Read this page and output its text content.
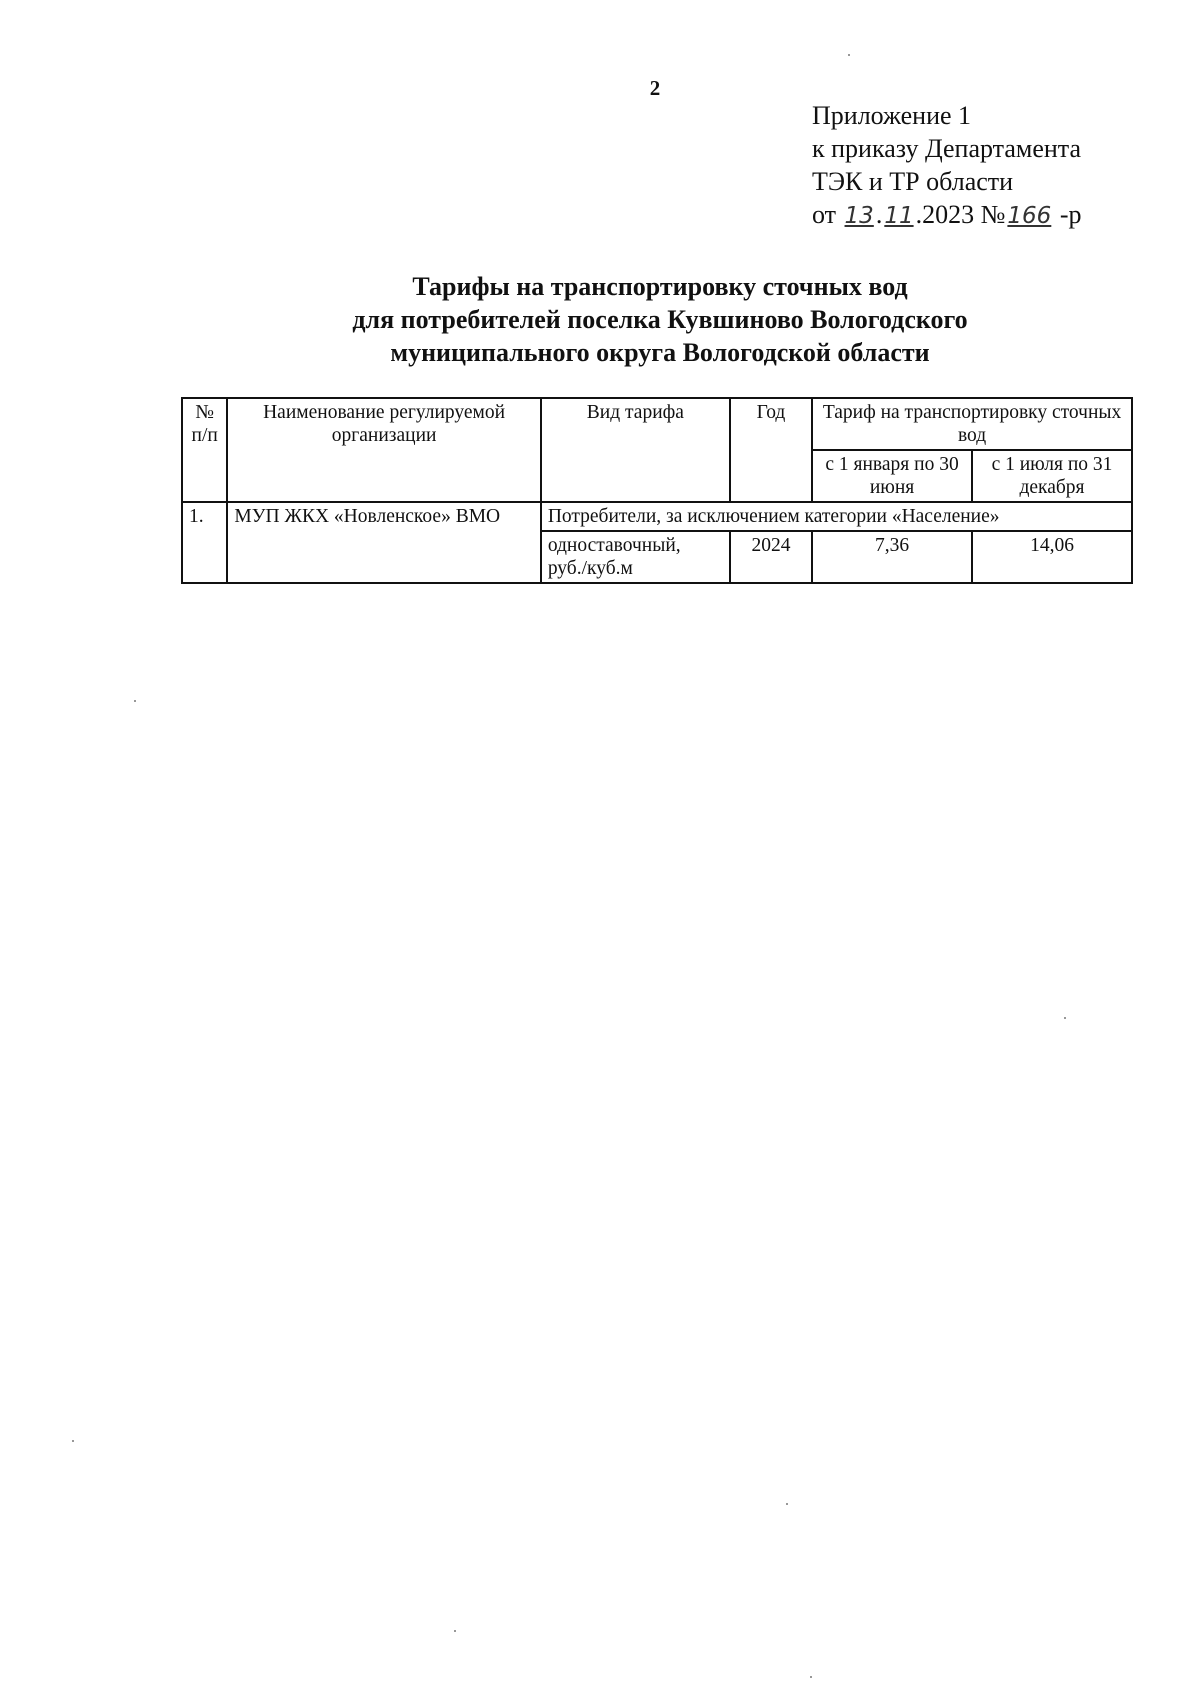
2
Приложение 1
к приказу Департамента
ТЭК и ТР области
от 13.11.2023 №166 -р
Тарифы на транспортировку сточных вод
для потребителей поселка Кувшиново Вологодского
муниципального округа Вологодской области
№ п/п	Наименование регулируемой организации	Вид тарифа	Год	Тариф на транспортировку сточных вод	
				с 1 января по 30 июня	с 1 июля по 31 декабря
1.	МУП ЖКХ «Новленское» ВМО	Потребители, за исключением категории «Население»			
		одноставочный, руб./куб.м	2024	7,36	14,06
